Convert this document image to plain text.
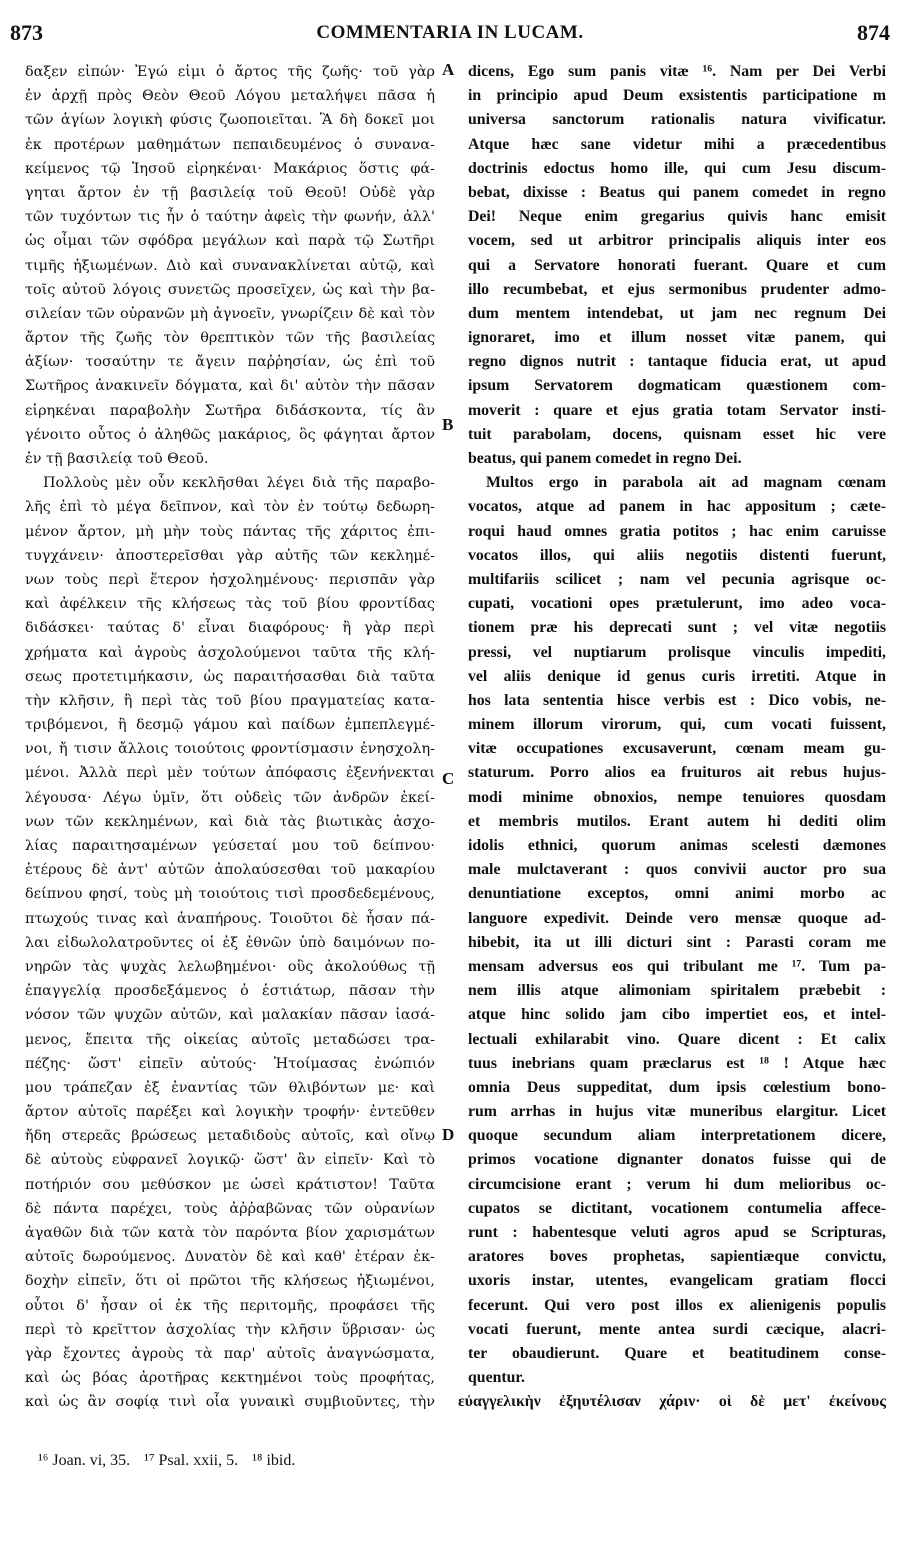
873	COMMENTARIA IN LUCAM.	874
δαξεν εἰπών· Ἐγώ εἰμι ὁ ἄρτος τῆς ζωῆς· τοῦ γὰρ
ἐν ἀρχῇ πρὸς Θεὸν Θεοῦ Λόγου μεταλήψει πᾶσα ἡ
τῶν ἁγίων λογικὴ φύσις ζωοποιεῖται. Ἃ δὴ δοκεῖ μοι
ἐκ προτέρων μαθημάτων πεπαιδευμένος ὁ συνανα-
κείμενος τῷ Ἰησοῦ εἰρηκέναι· Μακάριος ὅστις φά-
γηται ἄρτον ἐν τῇ βασιλείᾳ τοῦ Θεοῦ! Οὐδὲ γὰρ
τῶν τυχόντων τις ἦν ὁ ταύτην ἀφεὶς τὴν φωνήν, ἀλλ'
ὡς οἶμαι τῶν σφόδρα μεγάλων καὶ παρὰ τῷ Σωτῆρι
τιμῆς ἠξιωμένων. Διὸ καὶ συνανακλίνεται αὐτῷ, καὶ
τοῖς αὐτοῦ λόγοις συνετῶς προσεῖχεν, ὡς καὶ τὴν βα-
σιλείαν τῶν οὐρανῶν μὴ ἀγνοεῖν, γνωρίζειν δὲ καὶ τὸν
ἄρτον τῆς ζωῆς τὸν θρεπτικὸν τῶν τῆς βασιλείας
ἀξίων· τοσαύτην τε ἄγειν παῤῥησίαν, ὡς ἐπὶ τοῦ
Σωτῆρος ἀνακινεῖν δόγματα, καὶ δι' αὐτὸν τὴν πᾶσαν
εἰρηκέναι παραβολὴν Σωτῆρα διδάσκοντα, τίς ἂν
γένοιτο οὗτος ὁ ἀληθῶς μακάριος, ὃς φάγηται ἄρτον
ἐν τῇ βασιλείᾳ τοῦ Θεοῦ.
Πολλοὺς μὲν οὖν κεκλῆσθαι λέγει διὰ τῆς παραβο-
λῆς ἐπὶ τὸ μέγα δεῖπνον, καὶ τὸν ἐν τούτῳ δεδωρη-
μένον ἄρτον, μὴ μὴν τοὺς πάντας τῆς χάριτος ἐπι-
τυγχάνειν· ἀποστερεῖσθαι γὰρ αὐτῆς τῶν κεκλημέ-
νων τοὺς περὶ ἕτερον ἠσχολημένους· περισπᾶν γὰρ
καὶ ἀφέλκειν τῆς κλήσεως τὰς τοῦ βίου φροντίδας
διδάσκει· ταύτας δ' εἶναι διαφόρους· ἢ γὰρ περὶ
χρήματα καὶ ἀγροὺς ἀσχολούμενοι ταῦτα τῆς κλή-
σεως προτετιμήκασιν, ὡς παραιτήσασθαι διὰ ταῦτα
τὴν κλῆσιν, ἢ περὶ τὰς τοῦ βίου πραγματείας κατα-
τριβόμενοι, ἢ δεσμῷ γάμου καὶ παίδων ἐμπεπλεγμέ-
νοι, ἤ τισιν ἄλλοις τοιούτοις φροντίσμασιν ἐνησχολη-
μένοι. Ἀλλὰ περὶ μὲν τούτων ἀπόφασις ἐξενήνεκται
λέγουσα· Λέγω ὑμῖν, ὅτι οὐδεὶς τῶν ἀνδρῶν ἐκεί-
νων τῶν κεκλημένων, καὶ διὰ τὰς βιωτικὰς ἀσχο-
λίας παραιτησαμένων γεύσεταί μου τοῦ δείπνου·
ἑτέρους δὲ ἀντ' αὐτῶν ἀπολαύσεσθαι τοῦ μακαρίου
δείπνου φησί, τοὺς μὴ τοιούτοις τισὶ προσδεδεμένους,
πτωχούς τινας καὶ ἀναπήρους. Τοιοῦτοι δὲ ἦσαν πά-
λαι εἰδωλολατροῦντες οἱ ἐξ ἐθνῶν ὑπὸ δαιμόνων πο-
νηρῶν τὰς ψυχὰς λελωβημένοι· οὓς ἀκολούθως τῇ
ἐπαγγελίᾳ προσδεξάμενος ὁ ἑστιάτωρ, πᾶσαν τὴν
νόσον τῶν ψυχῶν αὐτῶν, καὶ μαλακίαν πᾶσαν ἰασά-
μενος, ἔπειτα τῆς οἰκείας αὐτοῖς μεταδώσει τρα-
πέζης· ὥστ' εἰπεῖν αὐτούς· Ἡτοίμασας ἐνώπιόν
μου τράπεζαν ἐξ ἐναντίας τῶν θλιβόντων με· καὶ
ἄρτον αὐτοῖς παρέξει καὶ λογικὴν τροφήν· ἐντεῦθεν
ἤδη στερεᾶς βρώσεως μεταδιδοὺς αὐτοῖς, καὶ οἴνῳ
δὲ αὐτοὺς εὐφρανεῖ λογικῷ· ὥστ' ἂν εἰπεῖν· Καὶ τὸ
ποτήριόν σου μεθύσκον με ὡσεὶ κράτιστον! Ταῦτα
δὲ πάντα παρέχει, τοὺς ἀῤῥαβῶνας τῶν οὐρανίων
ἀγαθῶν διὰ τῶν κατὰ τὸν παρόντα βίον χαρισμάτων
αὐτοῖς δωρούμενος. Δυνατὸν δὲ καὶ καθ' ἑτέραν ἐκ-
δοχὴν εἰπεῖν, ὅτι οἱ πρῶτοι τῆς κλήσεως ἠξιωμένοι,
οὗτοι δ' ἦσαν οἱ ἐκ τῆς περιτομῆς, προφάσει τῆς
περὶ τὸ κρεῖττον ἀσχολίας τὴν κλῆσιν ὕβρισαν· ὡς
γὰρ ἔχοντες ἀγροὺς τὰ παρ' αὐτοῖς ἀναγνώσματα,
καὶ ὡς βόας ἀροτῆρας κεκτημένοι τοὺς προφήτας,
καὶ ὡς ἂν σοφίᾳ τινὶ οἷα γυναικὶ συμβιοῦντες, τὴν
dicens, Ego sum panis vitæ ¹⁶. Nam per Dei Verbi
in principio apud Deum exsistentis participatione m
universa sanctorum rationalis natura vivificatur.
Atque hæc sane videtur mihi a præcedentibus
doctrinis edoctus homo ille, qui cum Jesu discum-
bebat, dixisse : Beatus qui panem comedet in regno
Dei! Neque enim gregarius quivis hanc emisit
vocem, sed ut arbitror principalis aliquis inter eos
qui a Servatore honorati fuerant. Quare et cum
illo recumbebat, et ejus sermonibus prudenter admo-
dum mentem intendebat, ut jam nec regnum Dei
ignoraret, imo et illum nosset vitæ panem, qui
regno dignos nutrit : tantaque fiducia erat, ut apud
ipsum Servatorem dogmaticam quæstionem com-
moverit : quare et ejus gratia totam Servator insti-
tuit parabolam, docens, quisnam esset hic vere
beatus, qui panem comedet in regno Dei.
Multos ergo in parabola ait ad magnam cœnam
vocatos, atque ad panem in hac appositum ; cæte-
roqui haud omnes gratia potitos ; hac enim caruisse
vocatos illos, qui aliis negotiis distenti fuerunt,
multifariis scilicet ; nam vel pecunia agrisque oc-
cupati, vocationi opes prætulerunt, imo adeo voca-
tionem præ his deprecati sunt ; vel vitæ negotiis
pressi, vel nuptiarum prolisque vinculis impediti,
vel aliis denique id genus curis irretiti. Atque in
hos lata sententia hisce verbis est : Dico vobis, ne-
minem illorum virorum, qui, cum vocati fuissent,
vitæ occupationes excusaverunt, cœnam meam gu-
staturum. Porro alios ea fruituros ait rebus hujus-
modi minime obnoxios, nempe tenuiores quosdam
et membris mutilos. Erant autem hi dediti olim
idolis ethnici, quorum animas scelesti dæmones
male mulctaverant : quos convivii auctor pro sua
denuntiatione exceptos, omni animi morbo ac
languore expedivit. Deinde vero mensæ quoque ad-
hibebit, ita ut illi dicturi sint : Parasti coram me
mensam adversus eos qui tribulant me ¹⁷. Tum pa-
nem illis atque alimoniam spiritalem præbebit :
atque hinc solido jam cibo impertiet eos, et intel-
lectuali exhilarabit vino. Quare dicent : Et calix
tuus inebrians quam præclarus est ¹⁸ ! Atque hæc
omnia Deus suppeditat, dum ipsis cœlestium bono-
rum arrhas in hujus vitæ muneribus elargitur. Licet
quoque secundum aliam interpretationem dicere,
primos vocatione dignanter donatos fuisse qui de
circumcisione erant ; verum hi dum melioribus oc-
cupatos se dictitant, vocationem contumelia affece-
runt : habentesque veluti agros apud se Scripturas,
aratores boves prophetas, sapientiæque convictu,
uxoris instar, utentes, evangelicam gratiam flocci
fecerunt. Qui vero post illos ex alienigenis populis
vocati fuerunt, mente antea surdi cæcique, alacri-
ter obaudierunt. Quare et beatitudinem conse-
quentur.
εὐαγγελικὴν ἐξηυτέλισαν χάριν· οἱ δὲ μετ' ἐκείνους
A
B
C
D
¹⁶ Joan. vi, 35. ¹⁷ Psal. xxii, 5. ¹⁸ ibid.
